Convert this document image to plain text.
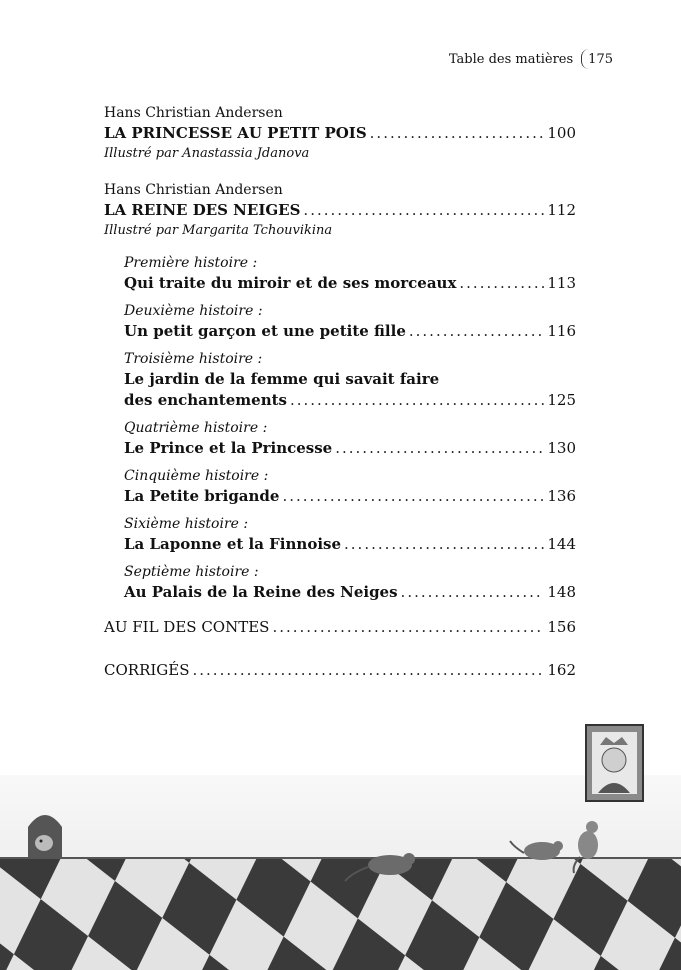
Table des matières	175
Hans Christian Andersen
LA PRINCESSE AU PETIT POIS .....	100
Illustré par Anastassia Jdanova
Hans Christian Andersen
LA REINE DES NEIGES .....	112
Illustré par Margarita Tchouvikina
Première histoire :
Qui traite du miroir et de ses morceaux .....	113
Deuxième histoire :
Un petit garçon et une petite fille .....	116
Troisième histoire :
Le jardin de la femme qui savait faire
des enchantements .....	125
Quatrième histoire :
Le Prince et la Princesse .....	130
Cinquième histoire :
La Petite brigande .....	136
Sixième histoire :
La Laponne et la Finnoise .....	144
Septième histoire :
Au Palais de la Reine des Neiges .....	148
AU FIL DES CONTES .....	156
CORRIGÉS .....	162
